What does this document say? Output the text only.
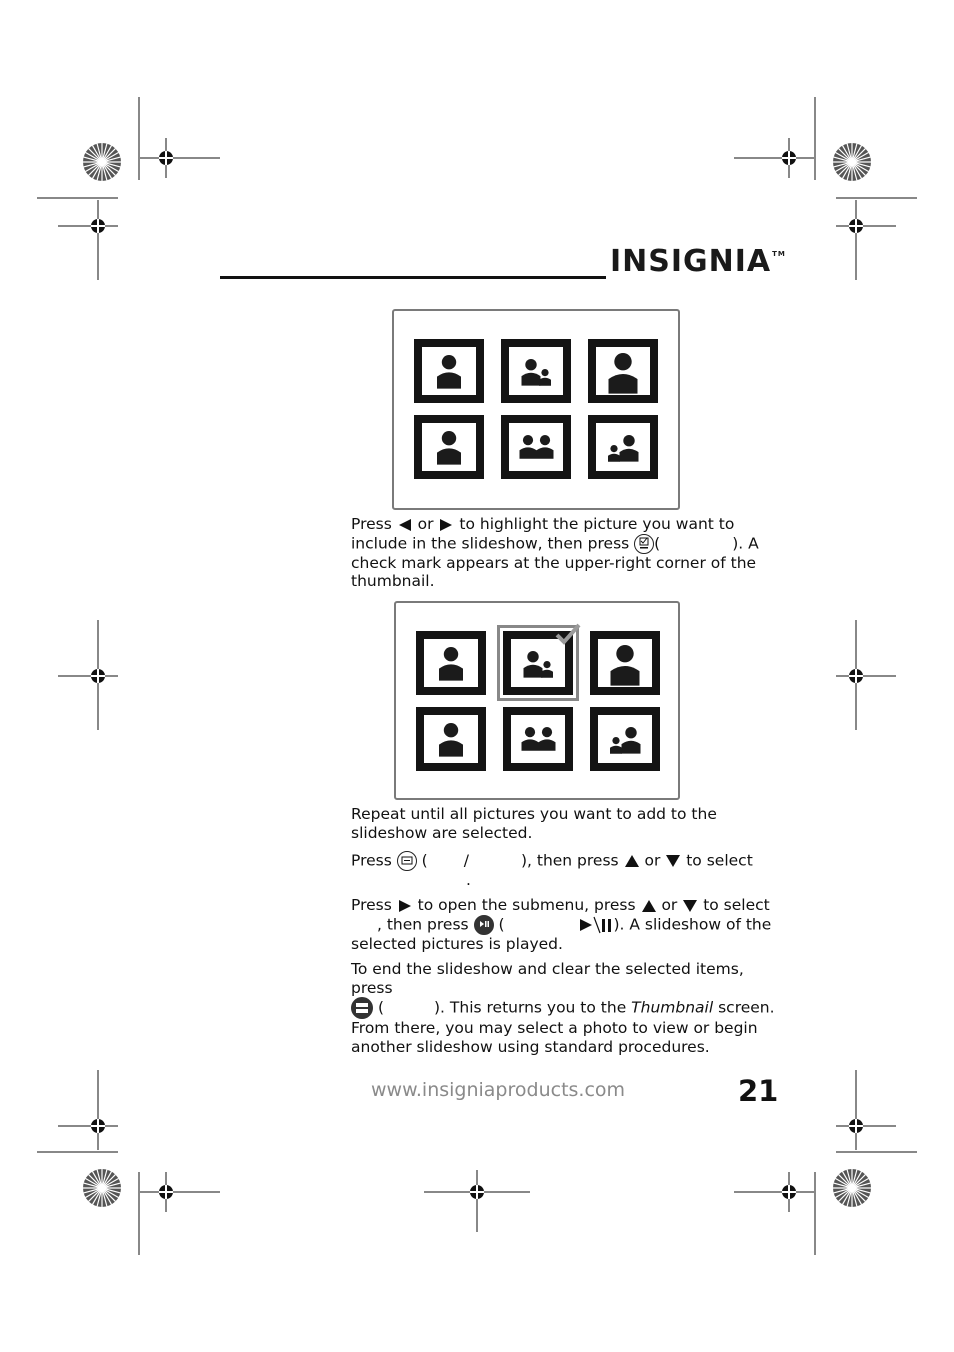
INSIGNIA™
Press or to highlight the picture you want to
include in the slideshow, then press (	). A
check mark appears at the upper-right corner of the
thumbnail.
Repeat until all pictures you want to add to the
slideshow are selected.
Press ( /	), then press or to select
.
Press to open the submenu, press or to select
, then press (	). A slideshow of the
selected pictures is played.
To end the slideshow and clear the selected items, press

(	). This returns you to the Thumbnail screen.
From there, you may select a photo to view or begin
another slideshow using standard procedures.
www.insigniaproducts.com	21
